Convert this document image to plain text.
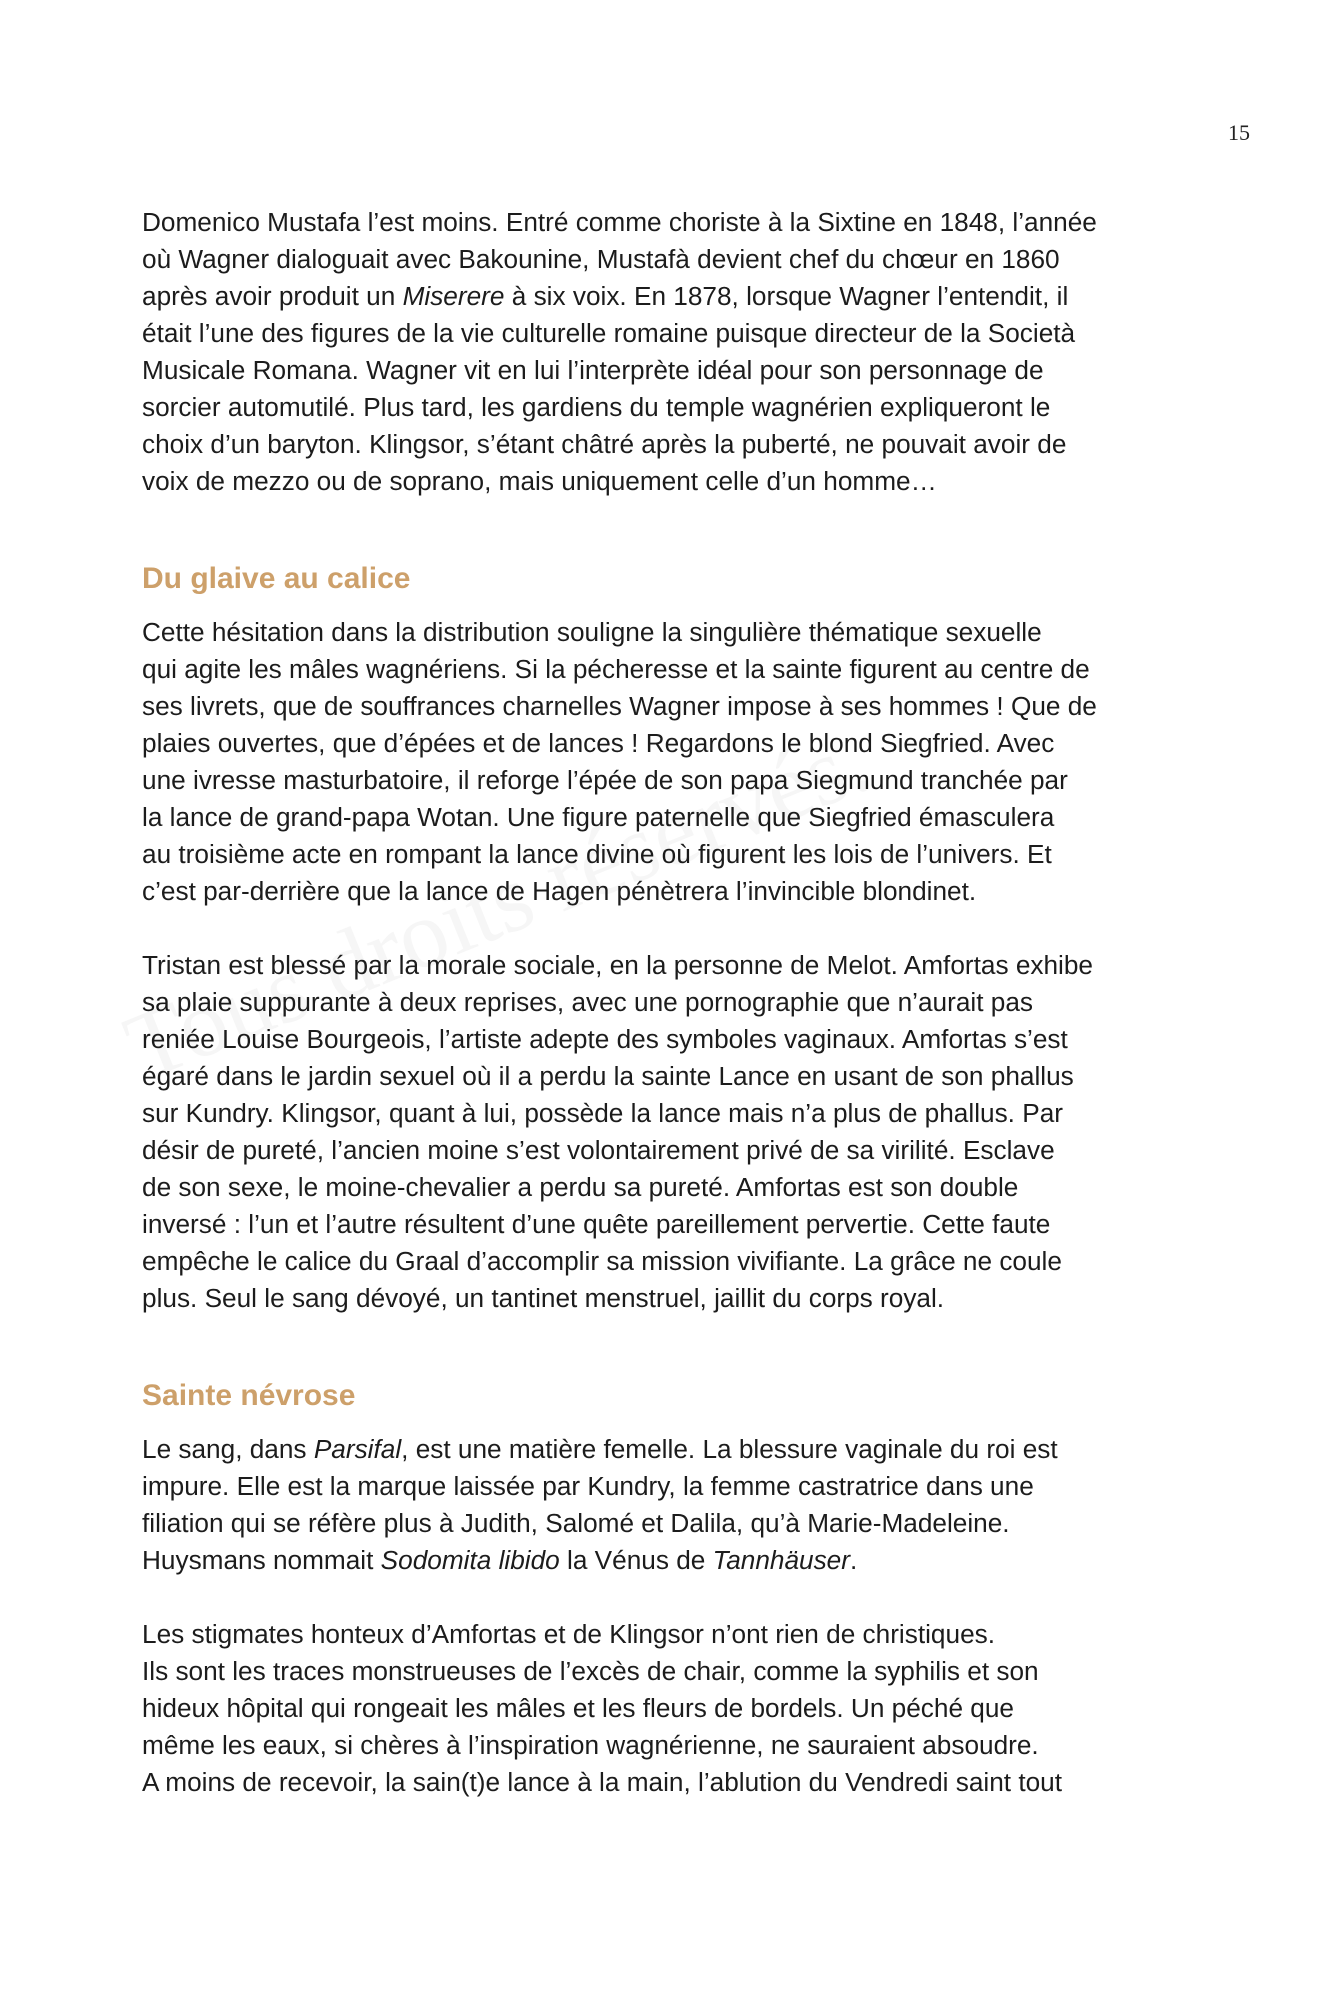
15

Domenico Mustafa l’est moins. Entré comme choriste à la Sixtine en 1848, l’année
où Wagner dialoguait avec Bakounine, Mustafà devient chef du chœur en 1860
après avoir produit un Miserere à six voix. En 1878, lorsque Wagner l’entendit, il
était l’une des figures de la vie culturelle romaine puisque directeur de la Società
Musicale Romana. Wagner vit en lui l’interprète idéal pour son personnage de
sorcier automutilé. Plus tard, les gardiens du temple wagnérien expliqueront le
choix d’un baryton. Klingsor, s’étant châtré après la puberté, ne pouvait avoir de
voix de mezzo ou de soprano, mais uniquement celle d’un homme…

Du glaive au calice

Cette hésitation dans la distribution souligne la singulière thématique sexuelle
qui agite les mâles wagnériens. Si la pécheresse et la sainte figurent au centre de
ses livrets, que de souffrances charnelles Wagner impose à ses hommes ! Que de
plaies ouvertes, que d’épées et de lances ! Regardons le blond Siegfried. Avec
une ivresse masturbatoire, il reforge l’épée de son papa Siegmund tranchée par
la lance de grand-papa Wotan. Une figure paternelle que Siegfried émasculera
au troisième acte en rompant la lance divine où figurent les lois de l’univers. Et
c’est par-derrière que la lance de Hagen pénètrera l’invincible blondinet.

Tristan est blessé par la morale sociale, en la personne de Melot. Amfortas exhibe
sa plaie suppurante à deux reprises, avec une pornographie que n’aurait pas
reniée Louise Bourgeois, l’artiste adepte des symboles vaginaux. Amfortas s’est
égaré dans le jardin sexuel où il a perdu la sainte Lance en usant de son phallus
sur Kundry. Klingsor, quant à lui, possède la lance mais n’a plus de phallus. Par
désir de pureté, l’ancien moine s’est volontairement privé de sa virilité. Esclave
de son sexe, le moine-chevalier a perdu sa pureté. Amfortas est son double
inversé : l’un et l’autre résultent d’une quête pareillement pervertie. Cette faute
empêche le calice du Graal d’accomplir sa mission vivifiante. La grâce ne coule
plus. Seul le sang dévoyé, un tantinet menstruel, jaillit du corps royal.

Sainte névrose

Le sang, dans Parsifal, est une matière femelle. La blessure vaginale du roi est
impure. Elle est la marque laissée par Kundry, la femme castratrice dans une
filiation qui se réfère plus à Judith, Salomé et Dalila, qu’à Marie-Madeleine.
Huysmans nommait Sodomita libido la Vénus de Tannhäuser.

Les stigmates honteux d’Amfortas et de Klingsor n’ont rien de christiques.
Ils sont les traces monstrueuses de l’excès de chair, comme la syphilis et son
hideux hôpital qui rongeait les mâles et les fleurs de bordels. Un péché que
même les eaux, si chères à l’inspiration wagnérienne, ne sauraient absoudre.
A moins de recevoir, la sain(t)e lance à la main, l’ablution du Vendredi saint tout
